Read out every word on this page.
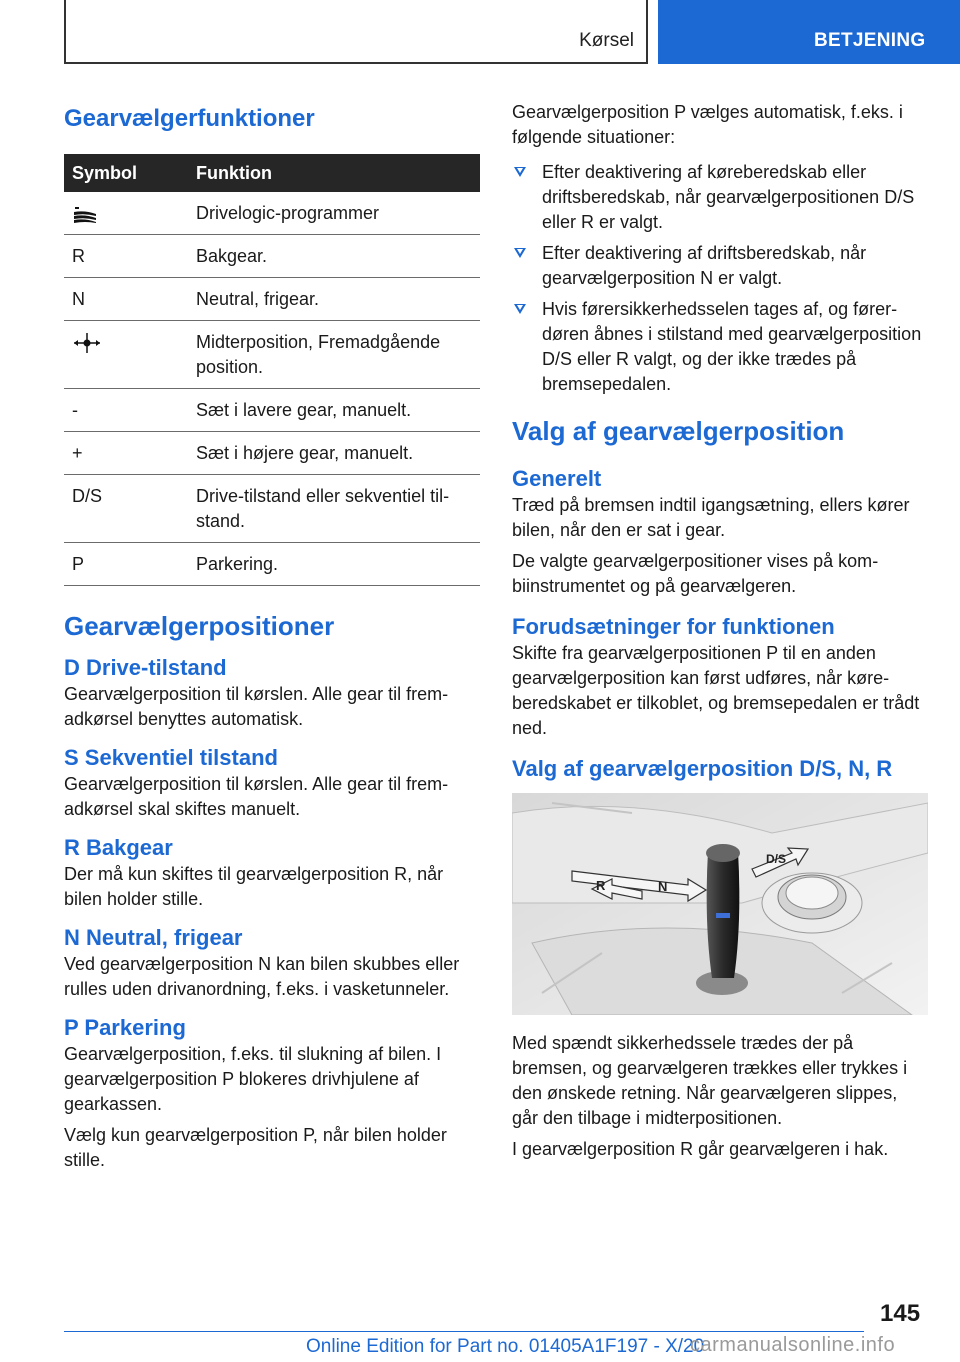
Kørsel	BETJENING
Gearvælgerfunktioner
Symbol	Funktion
	Drivelogic-programmer
R	Bakgear.
N	Neutral, frigear.
	Midterposition, Fremadgående position.
-	Sæt i lavere gear, manuelt.
+	Sæt i højere gear, manuelt.
D/S	Drive-tilstand eller sekventiel tilstand.
P	Parkering.
Gearvælgerpositioner
D Drive-tilstand

Gearvælgerposition til kørslen. Alle gear til fremadkørsel benyttes automatisk.

S Sekventiel tilstand

Gearvælgerposition til kørslen. Alle gear til fremadkørsel skal skiftes manuelt.

R Bakgear

Der må kun skiftes til gearvælgerposition R, når bilen holder stille.

N Neutral, frigear

Ved gearvælgerposition N kan bilen skubbes eller rulles uden drivanordning, f.eks. i vasketunneler.

P Parkering

Gearvælgerposition, f.eks. til slukning af bilen. I gearvælgerposition P blokeres drivhjulene af gearkassen.

Vælg kun gearvælgerposition P, når bilen holder stille.

Gearvælgerposition P vælges automatisk, f.eks. i følgende situationer:

Efter deaktivering af køreberedskab eller driftsberedskab, når gearvælgerpositionen D/S eller R er valgt.
Efter deaktivering af driftsberedskab, når gearvælgerposition N er valgt.
Hvis førersikkerhedsselen tages af, og førerdøren åbnes i stilstand med gearvælgerposition D/S eller R valgt, og der ikke trædes på bremsepedalen.
Valg af gearvælgerposition
Generelt

Træd på bremsen indtil igangsætning, ellers kører bilen, når den er sat i gear.

De valgte gearvælgerpositioner vises på kombiinstrumentet og på gearvælgeren.

Forudsætninger for funktionen

Skifte fra gearvælgerpositionen P til en anden gearvælgerposition kan først udføres, når køreberedskabet er tilkoblet, og bremsepedalen er trådt ned.

Valg af gearvælgerposition D/S, N, R
N
R
D/S

Med spændt sikkerhedssele trædes der på bremsen, og gearvælgeren trækkes eller trykkes i den ønskede retning. Når gearvælgeren slippes, går den tilbage i midterpositionen.

I gearvælgerposition R går gearvælgeren i hak.

145
Online Edition for Part no. 01405A1F197 - X/20
carmanualsonline.info
